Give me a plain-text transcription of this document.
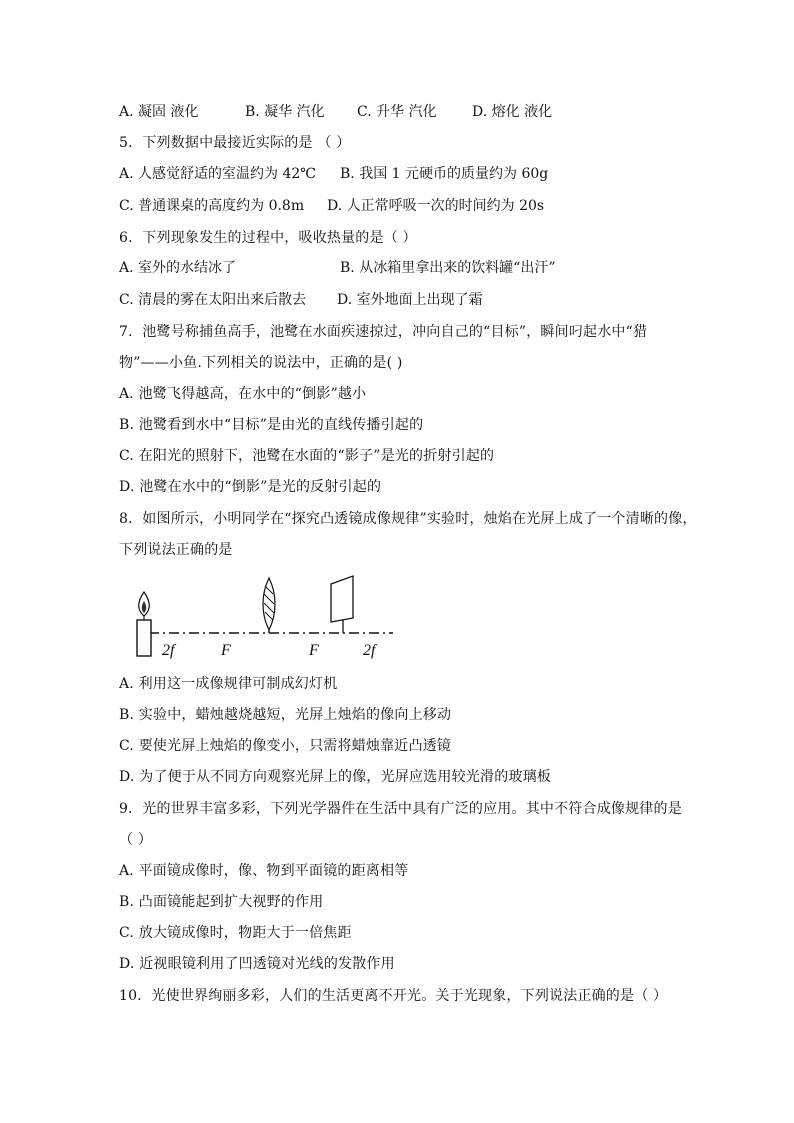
A. 凝固 液化	B. 凝华 汽化 C. 升华 汽化	D. 熔化 液化
5．下列数据中最接近实际的是 （ ）
A. 人感觉舒适的室温约为 42℃ B. 我国 1 元硬币的质量约为 60g
C. 普通课桌的高度约为 0.8m D. 人正常呼吸一次的时间约为 20s
6．下列现象发生的过程中，吸收热量的是（ ）
A. 室外的水结冰了	B. 从冰箱里拿出来的饮料罐“出汗”
C. 清晨的雾在太阳出来后散去 D. 室外地面上出现了霜
7．池鹭号称捕鱼高手，池鹭在水面疾速掠过，冲向自己的“目标”，瞬间叼起水中“猎
物”——小鱼.下列相关的说法中，正确的是( )
A. 池鹭飞得越高，在水中的“倒影”越小
B. 池鹭看到水中“目标”是由光的直线传播引起的
C. 在阳光的照射下，池鹭在水面的“影子”是光的折射引起的
D. 池鹭在水中的“倒影”是光的反射引起的
8．如图所示，小明同学在“探究凸透镜成像规律”实验时，烛焰在光屏上成了一个清晰的像，
下列说法正确的是
2f	F	F	2f
A. 利用这一成像规律可制成幻灯机
B. 实验中，蜡烛越烧越短，光屏上烛焰的像向上移动
C. 要使光屏上烛焰的像变小，只需将蜡烛靠近凸透镜
D. 为了便于从不同方向观察光屏上的像，光屏应选用较光滑的玻璃板
9．光的世界丰富多彩，下列光学器件在生活中具有广泛的应用。其中不符合成像规律的是
（ ）
A. 平面镜成像时，像、物到平面镜的距离相等
B. 凸面镜能起到扩大视野的作用
C. 放大镜成像时，物距大于一倍焦距
D. 近视眼镜利用了凹透镜对光线的发散作用
10．光使世界绚丽多彩，人们的生活更离不开光。关于光现象，下列说法正确的是（ ）
